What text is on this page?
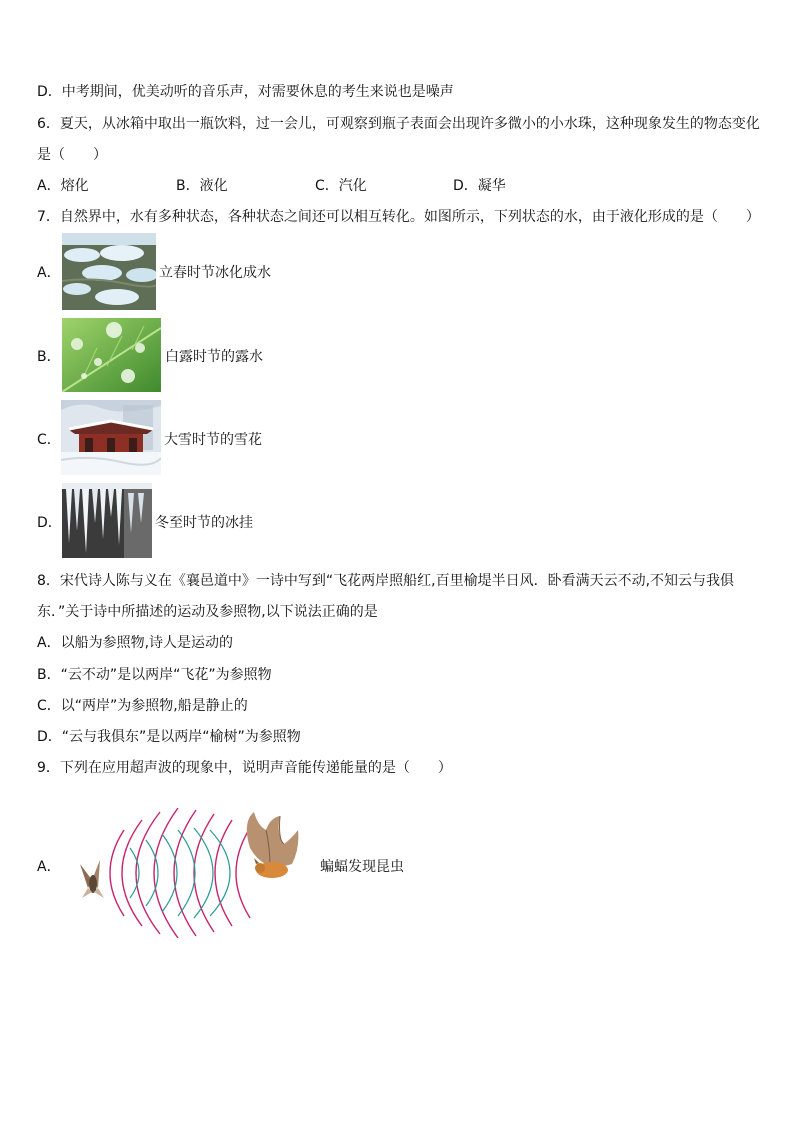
D．中考期间，优美动听的音乐声，对需要休息的考生来说也是噪声
6．夏天，从冰箱中取出一瓶饮料，过一会儿，可观察到瓶子表面会出现许多微小的小水珠，这种现象发生的物态变化
是（　　）
A．熔化	B．液化	C．汽化	D．凝华
7．自然界中，水有多种状态，各种状态之间还可以相互转化。如图所示，下列状态的水，由于液化形成的是（　　）
A．	立春时节冰化成水
B．	白露时节的露水
C．	大雪时节的雪花
D．	冬至时节的冰挂
8．宋代诗人陈与义在《襄邑道中》一诗中写到“飞花两岸照船红,百里榆堤半日风．卧看满天云不动,不知云与我俱
东．”关于诗中所描述的运动及参照物,以下说法正确的是
A．以船为参照物,诗人是运动的
B．“云不动”是以两岸“飞花”为参照物
C．以“两岸”为参照物,船是静止的
D．“云与我俱东”是以两岸“榆树”为参照物
9．下列在应用超声波的现象中，说明声音能传递能量的是（　　）
A．	蝙蝠发现昆虫
